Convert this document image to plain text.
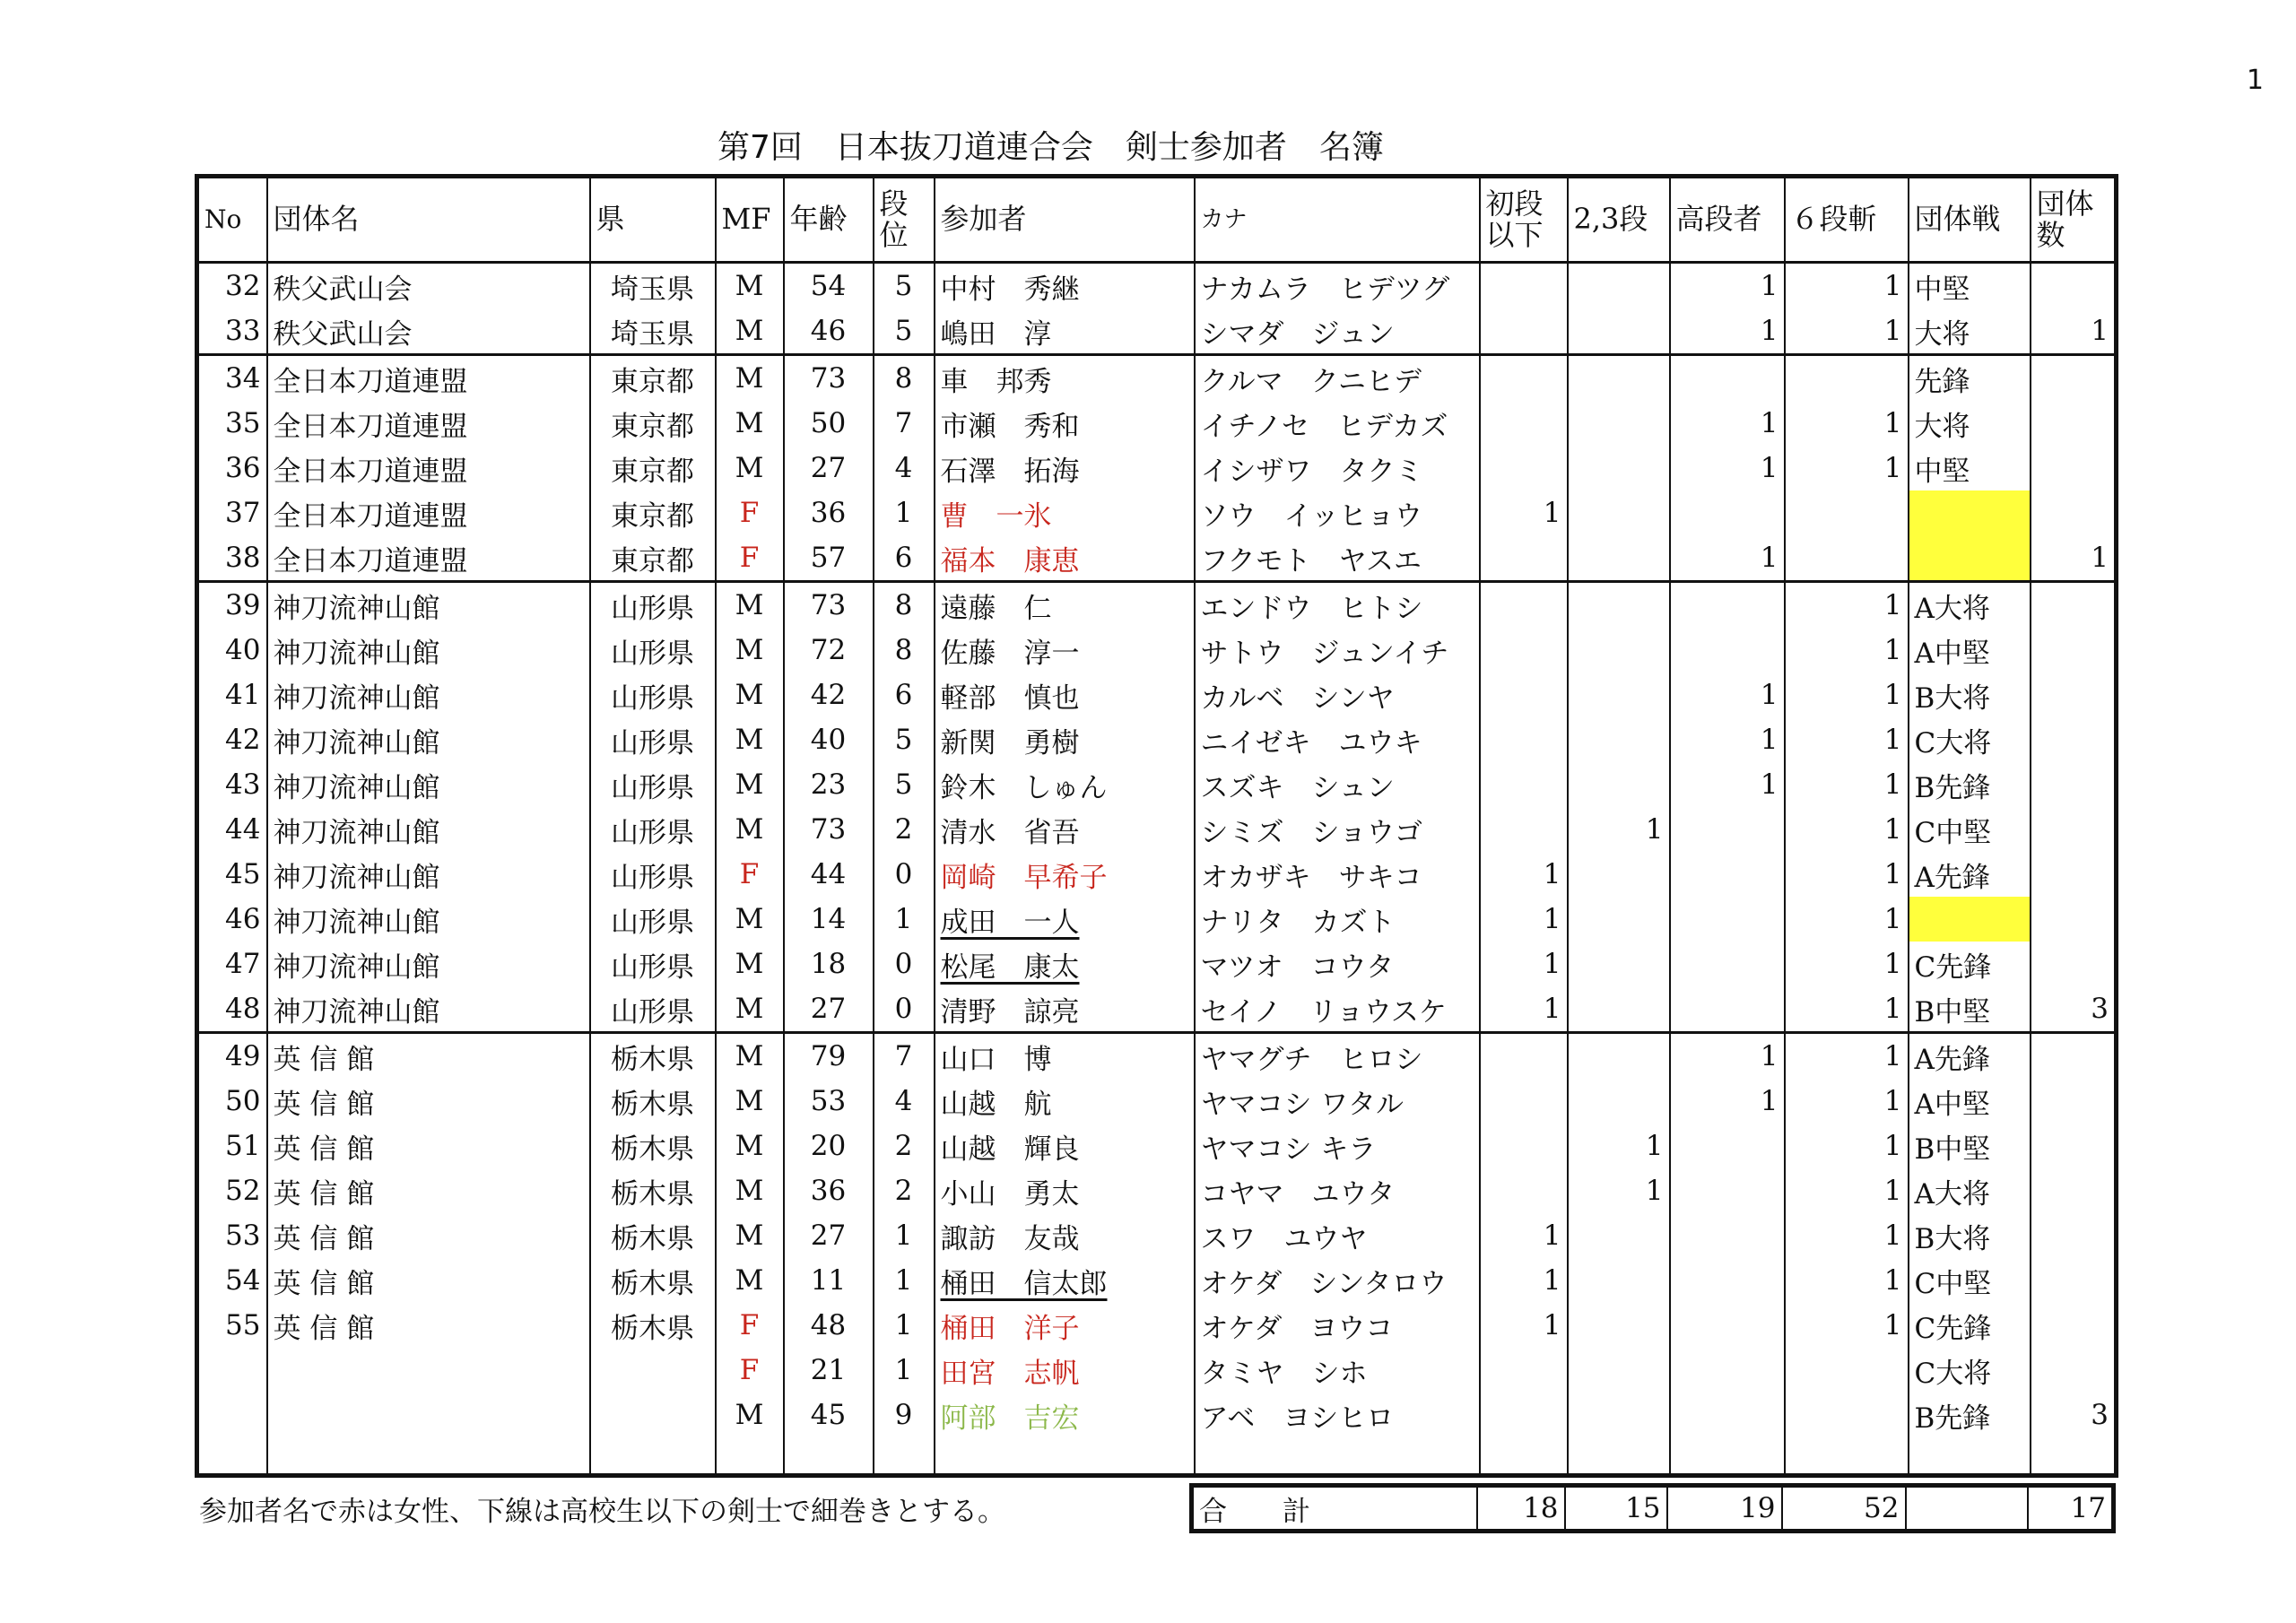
1
第7回　日本抜刀道連合会　剣士参加者　名簿
No	団体名	県	MF	年齢	段位	参加者	カナ	初段以下	2,3段	高段者	６段斬	団体戦	団体数
32	秩父武山会	埼玉県	M	54	5	中村　秀継	ナカムラ　ヒデツグ			1	1	中堅	
33	秩父武山会	埼玉県	M	46	5	嶋田　淳	シマダ　ジュン			1	1	大将	1
34	全日本刀道連盟	東京都	M	73	8	車　邦秀	クルマ　クニヒデ					先鋒	
35	全日本刀道連盟	東京都	M	50	7	市瀬　秀和	イチノセ　ヒデカズ			1	1	大将	
36	全日本刀道連盟	東京都	M	27	4	石澤　拓海	イシザワ　タクミ			1	1	中堅	
37	全日本刀道連盟	東京都	F	36	1	曹　一氷	ソウ　イッヒョウ	1					
38	全日本刀道連盟	東京都	F	57	6	福本　康恵	フクモト　ヤスエ			1			1
39	神刀流神山館	山形県	M	73	8	遠藤　仁	エンドウ　ヒトシ				1	A大将	
40	神刀流神山館	山形県	M	72	8	佐藤　淳一	サトウ　ジュンイチ				1	A中堅	
41	神刀流神山館	山形県	M	42	6	軽部　慎也	カルベ　シンヤ			1	1	B大将	
42	神刀流神山館	山形県	M	40	5	新関　勇樹	ニイゼキ　ユウキ			1	1	C大将	
43	神刀流神山館	山形県	M	23	5	鈴木　しゅん	スズキ　シュン			1	1	B先鋒	
44	神刀流神山館	山形県	M	73	2	清水　省吾	シミズ　ショウゴ		1		1	C中堅	
45	神刀流神山館	山形県	F	44	0	岡崎　早希子	オカザキ　サキコ	1			1	A先鋒	
46	神刀流神山館	山形県	M	14	1	成田　一人	ナリタ　カズト	1			1		
47	神刀流神山館	山形県	M	18	0	松尾　康太	マツオ　コウタ	1			1	C先鋒	
48	神刀流神山館	山形県	M	27	0	清野　諒亮	セイノ　リョウスケ	1			1	B中堅	3
49	英 信 館	栃木県	M	79	7	山口　博	ヤマグチ　ヒロシ			1	1	A先鋒	
50	英 信 館	栃木県	M	53	4	山越　航	ヤマコシ ワタル			1	1	A中堅	
51	英 信 館	栃木県	M	20	2	山越　輝良	ヤマコシ キラ		1		1	B中堅	
52	英 信 館	栃木県	M	36	2	小山　勇太	コヤマ　ユウタ		1		1	A大将	
53	英 信 館	栃木県	M	27	1	諏訪　友哉	スワ　ユウヤ	1			1	B大将	
54	英 信 館	栃木県	M	11	1	桶田　信太郎	オケダ　シンタロウ	1			1	C中堅	
55	英 信 館	栃木県	F	48	1	桶田　洋子	オケダ　ヨウコ	1			1	C先鋒	
			F	21	1	田宮　志帆	タミヤ　シホ					C大将	
			M	45	9	阿部　吉宏	アベ　ヨシヒロ					B先鋒	3

参加者名で赤は女性、下線は高校生以下の剣士で細巻きとする。	合　　計	18	15	19	52		17
